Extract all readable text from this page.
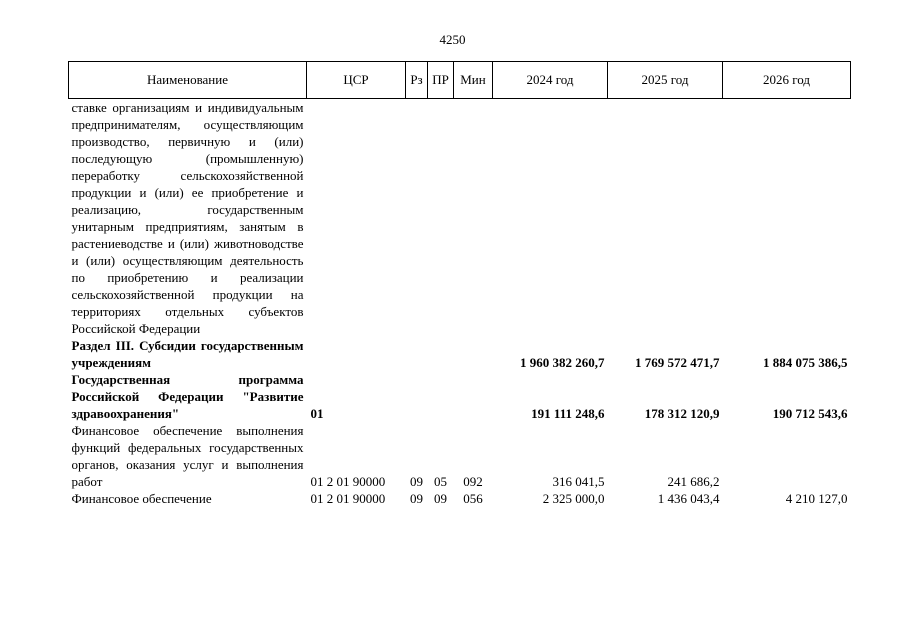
4250
Наименование	ЦСР	Рз	ПР	Мин	2024 год	2025 год	2026 год
ставке организациям и индивидуальным предпринимателям, осуществляющим производство, первичную и (или) последующую (промышленную) переработку сельскохозяйственной продукции и (или) ее приобретение и реализацию, государственным унитарным предприятиям, занятым в растениеводстве и (или) животноводстве и (или) осуществляющим деятельность по приобретению и реализации сельскохозяйственной продукции на территориях отдельных субъектов Российской Федерации							
Раздел III. Субсидии государственным учреждениям					1 960 382 260,7	1 769 572 471,7	1 884 075 386,5
Государственная программа Российской Федерации "Развитие здравоохранения"	01				191 111 248,6	178 312 120,9	190 712 543,6
Финансовое обеспечение выполнения функций федеральных государственных органов, оказания услуг и выполнения работ	01 2 01 90000	09	05	092	316 041,5	241 686,2	
Финансовое обеспечение	01 2 01 90000	09	09	056	2 325 000,0	1 436 043,4	4 210 127,0
